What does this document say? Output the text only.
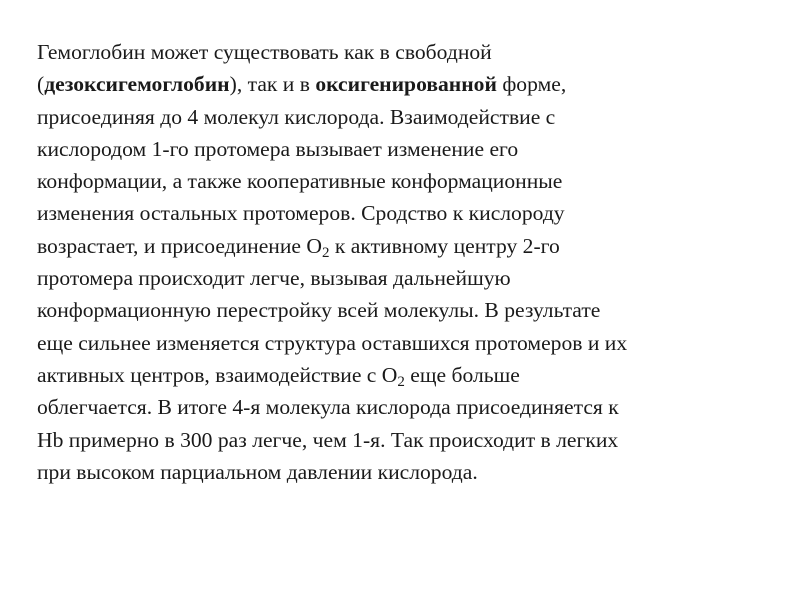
Гемоглобин может существовать как в свободной
(дезоксигемоглобин), так и в оксигенированной форме,
присоединяя до 4 молекул кислорода. Взаимодействие с
кислородом 1-го протомера вызывает изменение его
конформации, а также кооперативные конформационные
изменения остальных протомеров. Сродство к кислороду
возрастает, и присоединение $O_2$ к активному центру 2-го
протомера происходит легче, вызывая дальнейшую
конформационную перестройку всей молекулы. В результате
еще сильнее изменяется структура оставшихся протомеров и их
активных центров, взаимодействие с $O_2$ еще больше
облегчается. В итоге 4-я молекула кислорода присоединяется к
Hb примерно в 300 раз легче, чем 1-я. Так происходит в легких
при высоком парциальном давлении кислорода.
